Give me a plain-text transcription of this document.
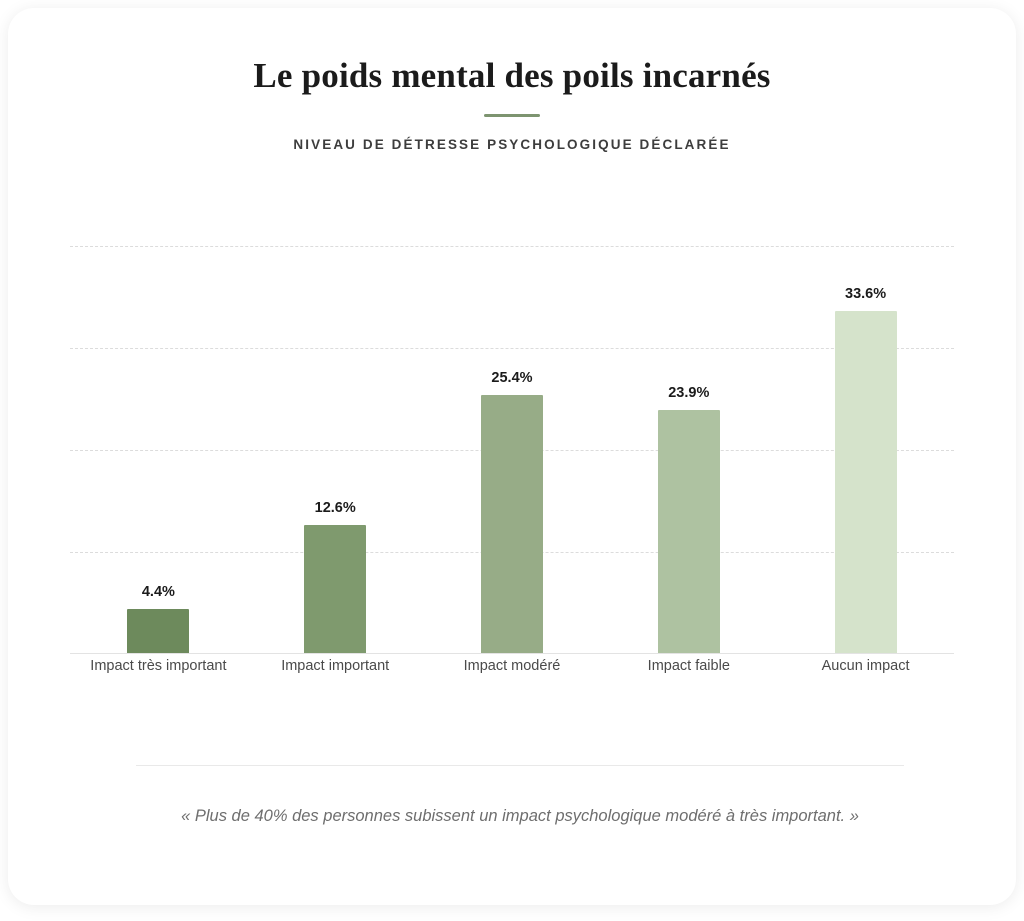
Le poids mental des poils incarnés
NIVEAU DE DÉTRESSE PSYCHOLOGIQUE DÉCLARÉE
4.4%
12.6%
25.4%
23.9%
33.6%
Impact très important	Impact important	Impact modéré	Impact faible	Aucun impact
« Plus de 40% des personnes subissent un impact psychologique modéré à très important. »
